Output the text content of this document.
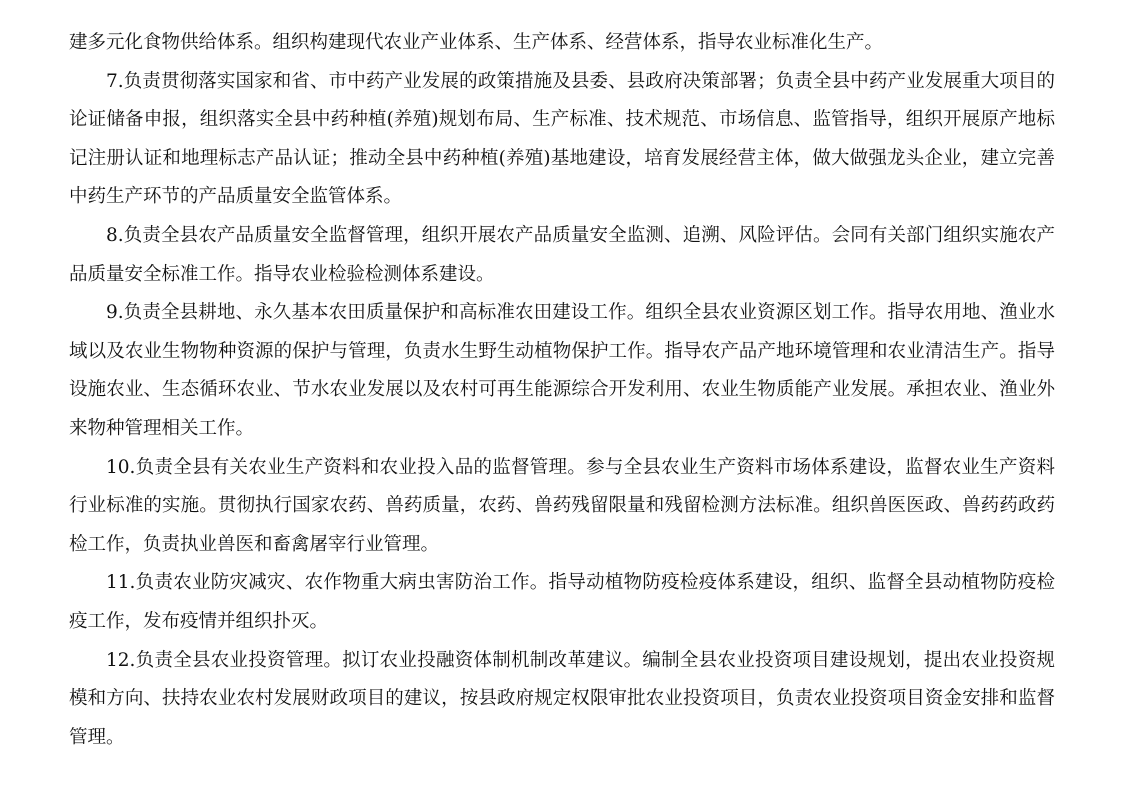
建多元化食物供给体系。组织构建现代农业产业体系、生产体系、经营体系，指导农业标准化生产。

7.负责贯彻落实国家和省、市中药产业发展的政策措施及县委、县政府决策部署；负责全县中药产业发展重大项目的论证储备申报，组织落实全县中药种植(养殖)规划布局、生产标准、技术规范、市场信息、监管指导，组织开展原产地标记注册认证和地理标志产品认证；推动全县中药种植(养殖)基地建设，培育发展经营主体，做大做强龙头企业，建立完善中药生产环节的产品质量安全监管体系。

8.负责全县农产品质量安全监督管理，组织开展农产品质量安全监测、追溯、风险评估。会同有关部门组织实施农产品质量安全标准工作。指导农业检验检测体系建设。

9.负责全县耕地、永久基本农田质量保护和高标准农田建设工作。组织全县农业资源区划工作。指导农用地、渔业水域以及农业生物物种资源的保护与管理，负责水生野生动植物保护工作。指导农产品产地环境管理和农业清洁生产。指导设施农业、生态循环农业、节水农业发展以及农村可再生能源综合开发利用、农业生物质能产业发展。承担农业、渔业外来物种管理相关工作。

10.负责全县有关农业生产资料和农业投入品的监督管理。参与全县农业生产资料市场体系建设，监督农业生产资料行业标准的实施。贯彻执行国家农药、兽药质量，农药、兽药残留限量和残留检测方法标准。组织兽医医政、兽药药政药检工作，负责执业兽医和畜禽屠宰行业管理。

11.负责农业防灾减灾、农作物重大病虫害防治工作。指导动植物防疫检疫体系建设，组织、监督全县动植物防疫检疫工作，发布疫情并组织扑灭。

12.负责全县农业投资管理。拟订农业投融资体制机制改革建议。编制全县农业投资项目建设规划，提出农业投资规模和方向、扶持农业农村发展财政项目的建议，按县政府规定权限审批农业投资项目，负责农业投资项目资金安排和监督管理。
